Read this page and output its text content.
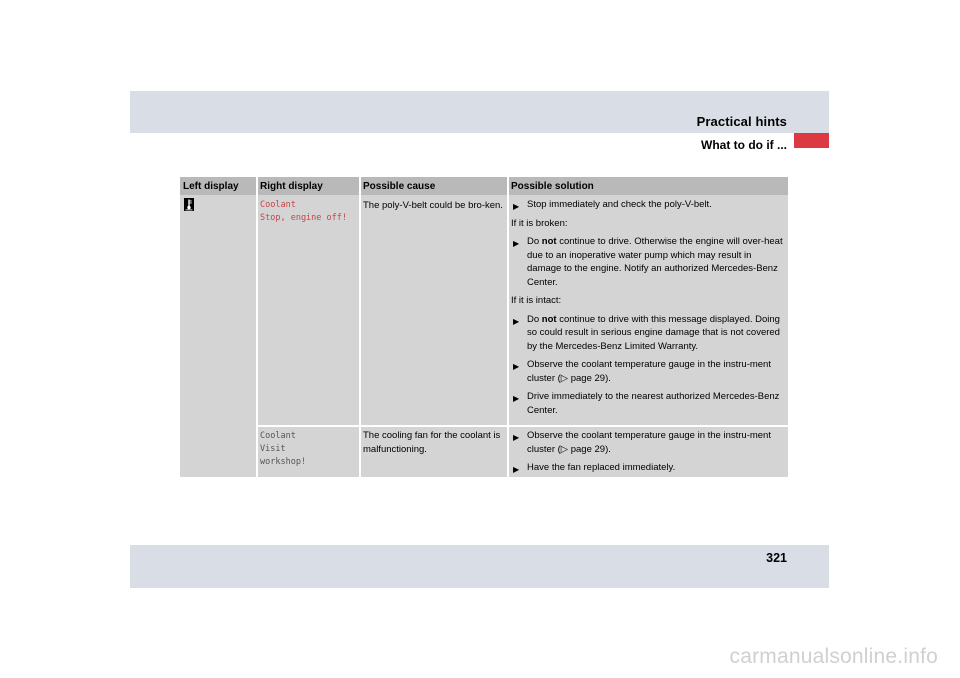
Practical hints
What to do if ...
Left display Right display	Possible cause	Possible solution
Coolant
Stop, engine off!
The poly-V-belt could be bro-ken. ▶ Stop immediately and check the poly-V-belt.
If it is broken:
▶ Do not continue to drive. Otherwise the engine will over-heat due to an inoperative water pump which may result in damage to the engine. Notify an authorized Mercedes-Benz Center.
If it is intact:
▶ Do not continue to drive with this message displayed. Doing so could result in serious engine damage that is not covered by the Mercedes-Benz Limited Warranty.
▶ Observe the coolant temperature gauge in the instru-ment cluster (▷ page 29).
▶ Drive immediately to the nearest authorized Mercedes-Benz Center.
Coolant
Visit
workshop!
The cooling fan for the coolant is malfunctioning.
▶ Observe the coolant temperature gauge in the instru-ment cluster (▷ page 29).
▶ Have the fan replaced immediately.
321
carmanualsonline.info
